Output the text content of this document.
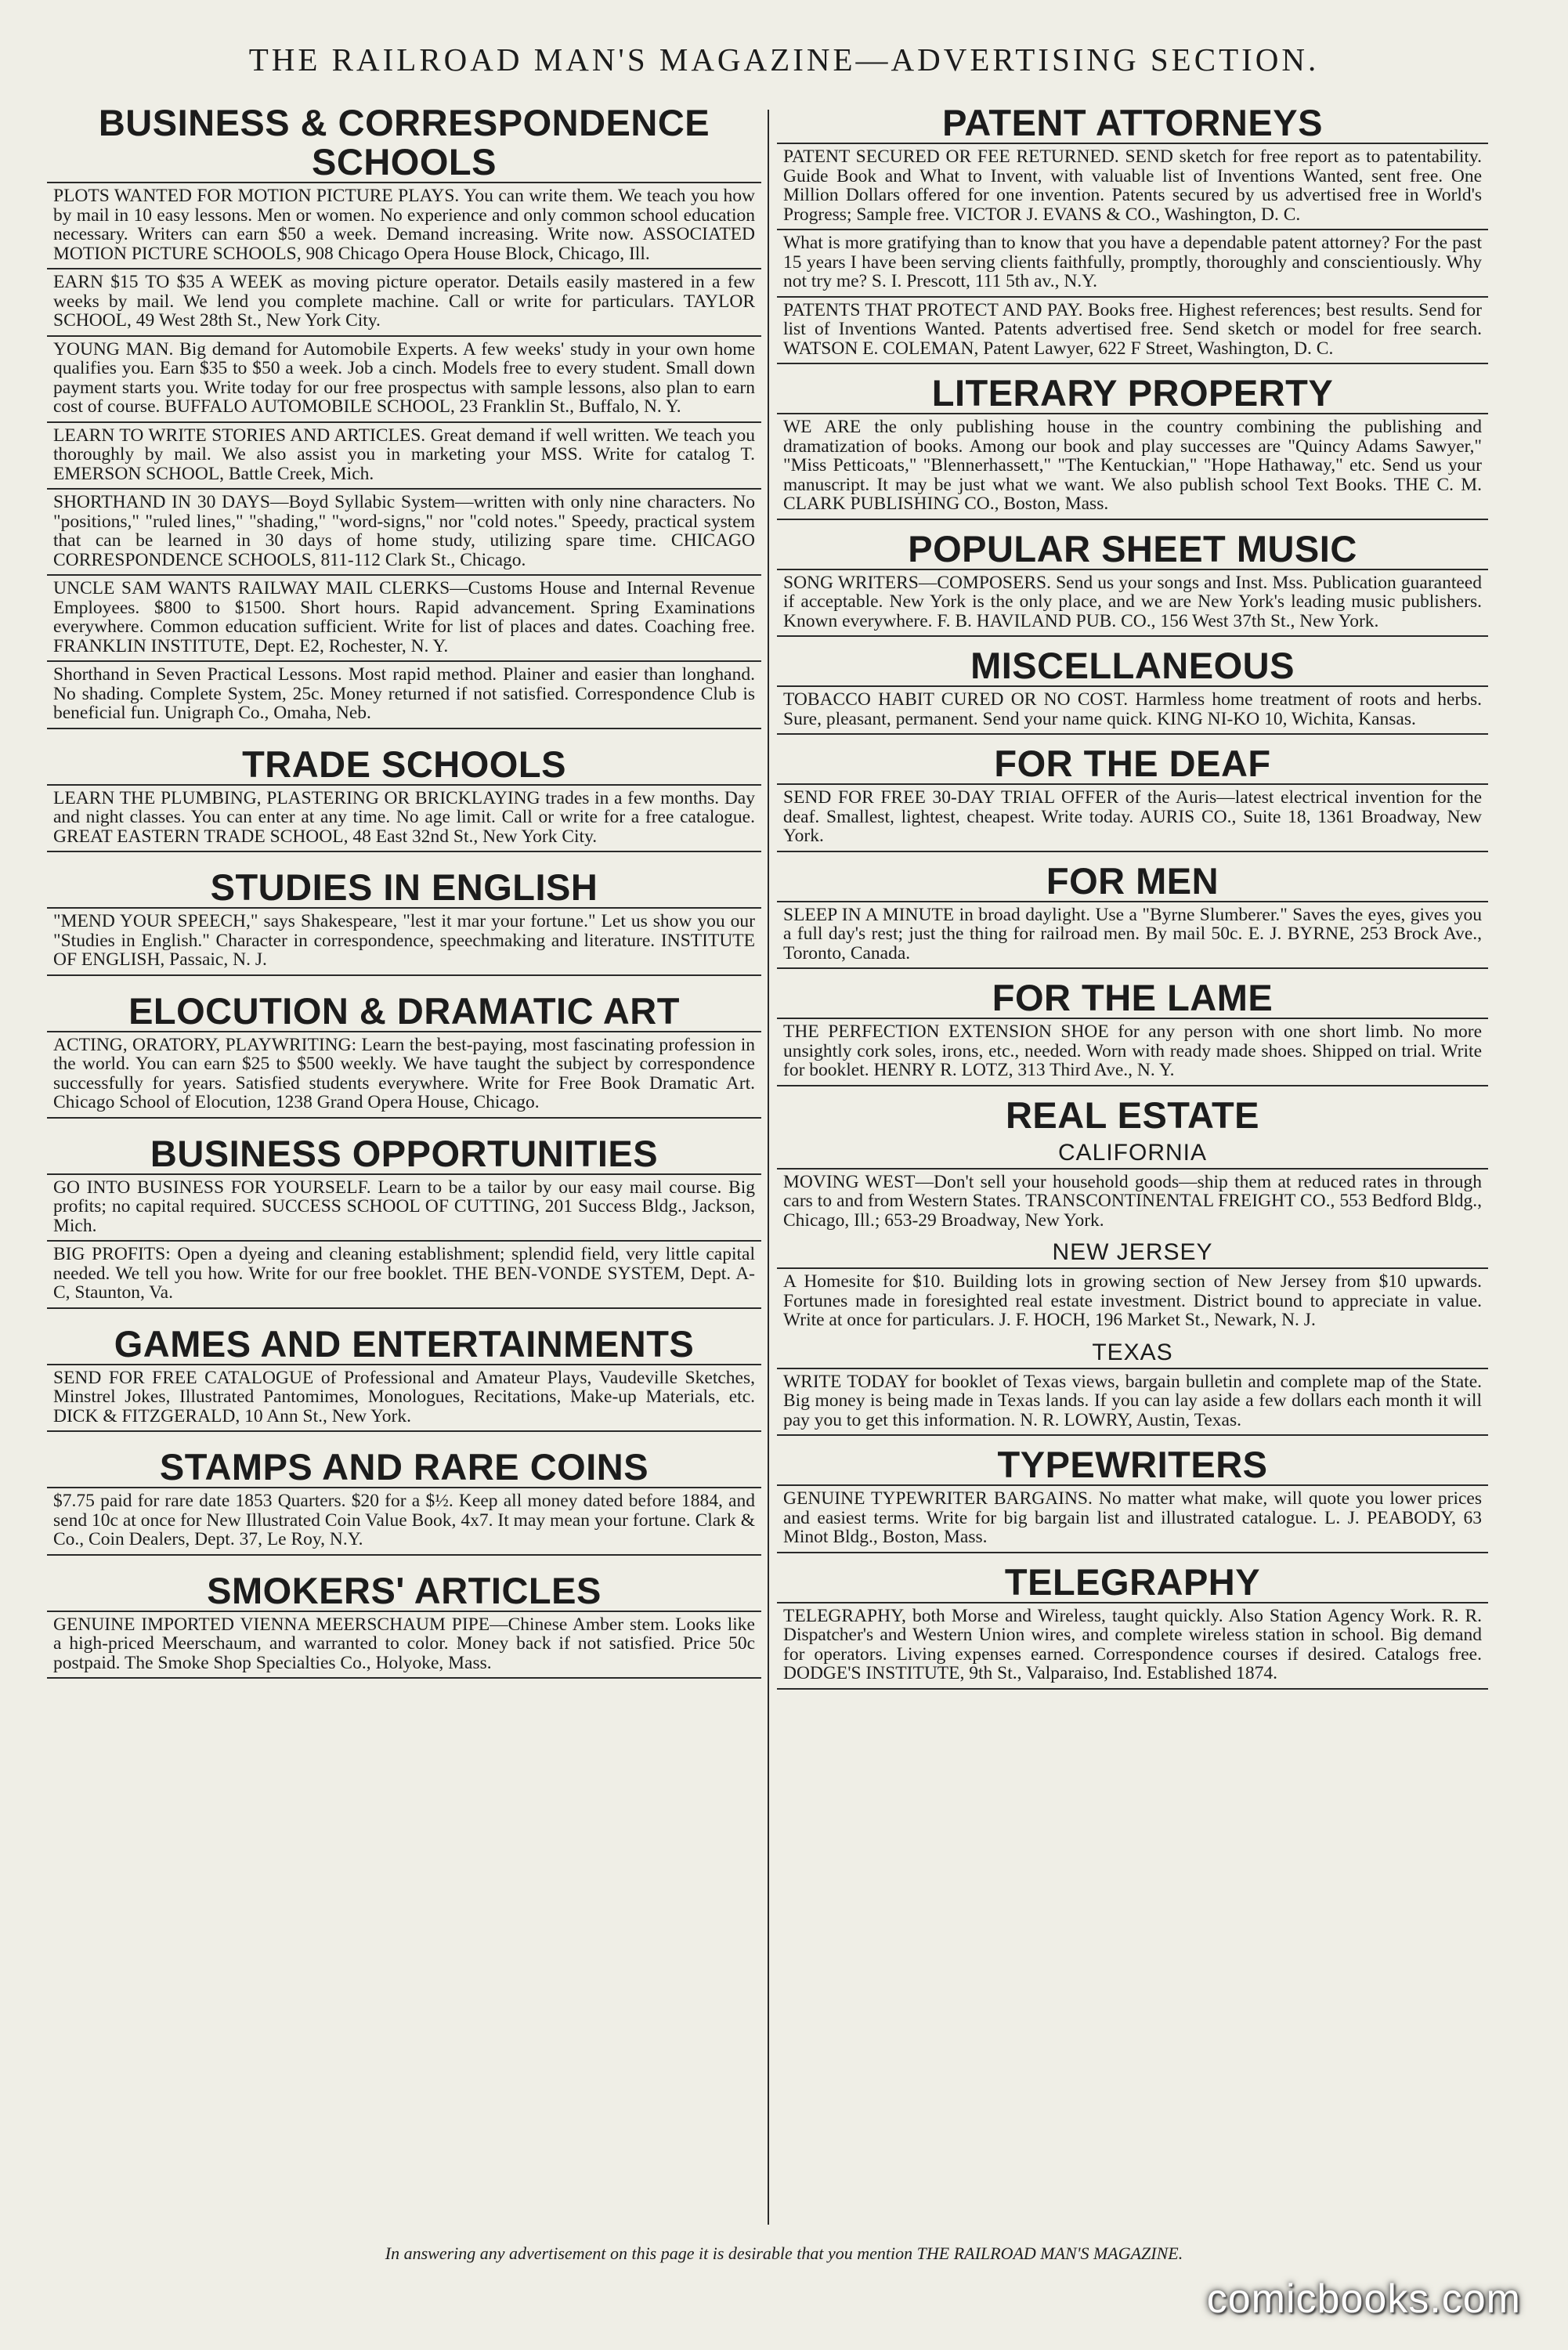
THE RAILROAD MAN'S MAGAZINE—ADVERTISING SECTION.
BUSINESS & CORRESPONDENCE SCHOOLS

PLOTS WANTED FOR MOTION PICTURE PLAYS. You can write them. We teach you how by mail in 10 easy lessons. Men or women. No experience and only common school education necessary. Writers can earn $50 a week. Demand increasing. Write now. ASSOCIATED MOTION PICTURE SCHOOLS, 908 Chicago Opera House Block, Chicago, Ill.

EARN $15 TO $35 A WEEK as moving picture operator. Details easily mastered in a few weeks by mail. We lend you complete machine. Call or write for particulars. TAYLOR SCHOOL, 49 West 28th St., New York City.

YOUNG MAN. Big demand for Automobile Experts. A few weeks' study in your own home qualifies you. Earn $35 to $50 a week. Job a cinch. Models free to every student. Small down payment starts you. Write today for our free prospectus with sample lessons, also plan to earn cost of course. BUFFALO AUTOMOBILE SCHOOL, 23 Franklin St., Buffalo, N. Y.

LEARN TO WRITE STORIES AND ARTICLES. Great demand if well written. We teach you thoroughly by mail. We also assist you in marketing your MSS. Write for catalog T. EMERSON SCHOOL, Battle Creek, Mich.

SHORTHAND IN 30 DAYS—Boyd Syllabic System—written with only nine characters. No "positions," "ruled lines," "shading," "word-signs," nor "cold notes." Speedy, practical system that can be learned in 30 days of home study, utilizing spare time. CHICAGO CORRESPONDENCE SCHOOLS, 811-112 Clark St., Chicago.

UNCLE SAM WANTS RAILWAY MAIL CLERKS—Customs House and Internal Revenue Employees. $800 to $1500. Short hours. Rapid advancement. Spring Examinations everywhere. Common education sufficient. Write for list of places and dates. Coaching free. FRANKLIN INSTITUTE, Dept. E2, Rochester, N. Y.

Shorthand in Seven Practical Lessons. Most rapid method. Plainer and easier than longhand. No shading. Complete System, 25c. Money returned if not satisfied. Correspondence Club is beneficial fun. Unigraph Co., Omaha, Neb.

TRADE SCHOOLS

LEARN THE PLUMBING, PLASTERING OR BRICKLAYING trades in a few months. Day and night classes. You can enter at any time. No age limit. Call or write for a free catalogue. GREAT EASTERN TRADE SCHOOL, 48 East 32nd St., New York City.

STUDIES IN ENGLISH

"MEND YOUR SPEECH," says Shakespeare, "lest it mar your fortune." Let us show you our "Studies in English." Character in correspondence, speechmaking and literature. INSTITUTE OF ENGLISH, Passaic, N. J.

ELOCUTION & DRAMATIC ART

ACTING, ORATORY, PLAYWRITING: Learn the best-paying, most fascinating profession in the world. You can earn $25 to $500 weekly. We have taught the subject by correspondence successfully for years. Satisfied students everywhere. Write for Free Book Dramatic Art. Chicago School of Elocution, 1238 Grand Opera House, Chicago.

BUSINESS OPPORTUNITIES

GO INTO BUSINESS FOR YOURSELF. Learn to be a tailor by our easy mail course. Big profits; no capital required. SUCCESS SCHOOL OF CUTTING, 201 Success Bldg., Jackson, Mich.

BIG PROFITS: Open a dyeing and cleaning establishment; splendid field, very little capital needed. We tell you how. Write for our free booklet. THE BEN-VONDE SYSTEM, Dept. A-C, Staunton, Va.

GAMES AND ENTERTAINMENTS

SEND FOR FREE CATALOGUE of Professional and Amateur Plays, Vaudeville Sketches, Minstrel Jokes, Illustrated Pantomimes, Monologues, Recitations, Make-up Materials, etc. DICK & FITZGERALD, 10 Ann St., New York.

STAMPS AND RARE COINS

$7.75 paid for rare date 1853 Quarters. $20 for a $½. Keep all money dated before 1884, and send 10c at once for New Illustrated Coin Value Book, 4x7. It may mean your fortune. Clark & Co., Coin Dealers, Dept. 37, Le Roy, N.Y.

SMOKERS' ARTICLES

GENUINE IMPORTED VIENNA MEERSCHAUM PIPE—Chinese Amber stem. Looks like a high-priced Meerschaum, and warranted to color. Money back if not satisfied. Price 50c postpaid. The Smoke Shop Specialties Co., Holyoke, Mass.

PATENT ATTORNEYS

PATENT SECURED OR FEE RETURNED. SEND sketch for free report as to patentability. Guide Book and What to Invent, with valuable list of Inventions Wanted, sent free. One Million Dollars offered for one invention. Patents secured by us advertised free in World's Progress; Sample free. VICTOR J. EVANS & CO., Washington, D. C.

What is more gratifying than to know that you have a dependable patent attorney? For the past 15 years I have been serving clients faithfully, promptly, thoroughly and conscientiously. Why not try me? S. I. Prescott, 111 5th av., N.Y.

PATENTS THAT PROTECT AND PAY. Books free. Highest references; best results. Send for list of Inventions Wanted. Patents advertised free. Send sketch or model for free search. WATSON E. COLEMAN, Patent Lawyer, 622 F Street, Washington, D. C.

LITERARY PROPERTY

WE ARE the only publishing house in the country combining the publishing and dramatization of books. Among our book and play successes are "Quincy Adams Sawyer," "Miss Petticoats," "Blennerhassett," "The Kentuckian," "Hope Hathaway," etc. Send us your manuscript. It may be just what we want. We also publish school Text Books. THE C. M. CLARK PUBLISHING CO., Boston, Mass.

POPULAR SHEET MUSIC

SONG WRITERS—COMPOSERS. Send us your songs and Inst. Mss. Publication guaranteed if acceptable. New York is the only place, and we are New York's leading music publishers. Known everywhere. F. B. HAVILAND PUB. CO., 156 West 37th St., New York.

MISCELLANEOUS

TOBACCO HABIT CURED OR NO COST. Harmless home treatment of roots and herbs. Sure, pleasant, permanent. Send your name quick. KING NI-KO 10, Wichita, Kansas.

FOR THE DEAF

SEND FOR FREE 30-DAY TRIAL OFFER of the Auris—latest electrical invention for the deaf. Smallest, lightest, cheapest. Write today. AURIS CO., Suite 18, 1361 Broadway, New York.

FOR MEN

SLEEP IN A MINUTE in broad daylight. Use a "Byrne Slumberer." Saves the eyes, gives you a full day's rest; just the thing for railroad men. By mail 50c. E. J. BYRNE, 253 Brock Ave., Toronto, Canada.

FOR THE LAME

THE PERFECTION EXTENSION SHOE for any person with one short limb. No more unsightly cork soles, irons, etc., needed. Worn with ready made shoes. Shipped on trial. Write for booklet. HENRY R. LOTZ, 313 Third Ave., N. Y.

REAL ESTATE
CALIFORNIA

MOVING WEST—Don't sell your household goods—ship them at reduced rates in through cars to and from Western States. TRANSCONTINENTAL FREIGHT CO., 553 Bedford Bldg., Chicago, Ill.; 653-29 Broadway, New York.

NEW JERSEY

A Homesite for $10. Building lots in growing section of New Jersey from $10 upwards. Fortunes made in foresighted real estate investment. District bound to appreciate in value. Write at once for particulars. J. F. HOCH, 196 Market St., Newark, N. J.

TEXAS

WRITE TODAY for booklet of Texas views, bargain bulletin and complete map of the State. Big money is being made in Texas lands. If you can lay aside a few dollars each month it will pay you to get this information. N. R. LOWRY, Austin, Texas.

TYPEWRITERS

GENUINE TYPEWRITER BARGAINS. No matter what make, will quote you lower prices and easiest terms. Write for big bargain list and illustrated catalogue. L. J. PEABODY, 63 Minot Bldg., Boston, Mass.

TELEGRAPHY

TELEGRAPHY, both Morse and Wireless, taught quickly. Also Station Agency Work. R. R. Dispatcher's and Western Union wires, and complete wireless station in school. Big demand for operators. Living expenses earned. Correspondence courses if desired. Catalogs free. DODGE'S INSTITUTE, 9th St., Valparaiso, Ind. Established 1874.

In answering any advertisement on this page it is desirable that you mention THE RAILROAD MAN'S MAGAZINE.
comicbooks.com
